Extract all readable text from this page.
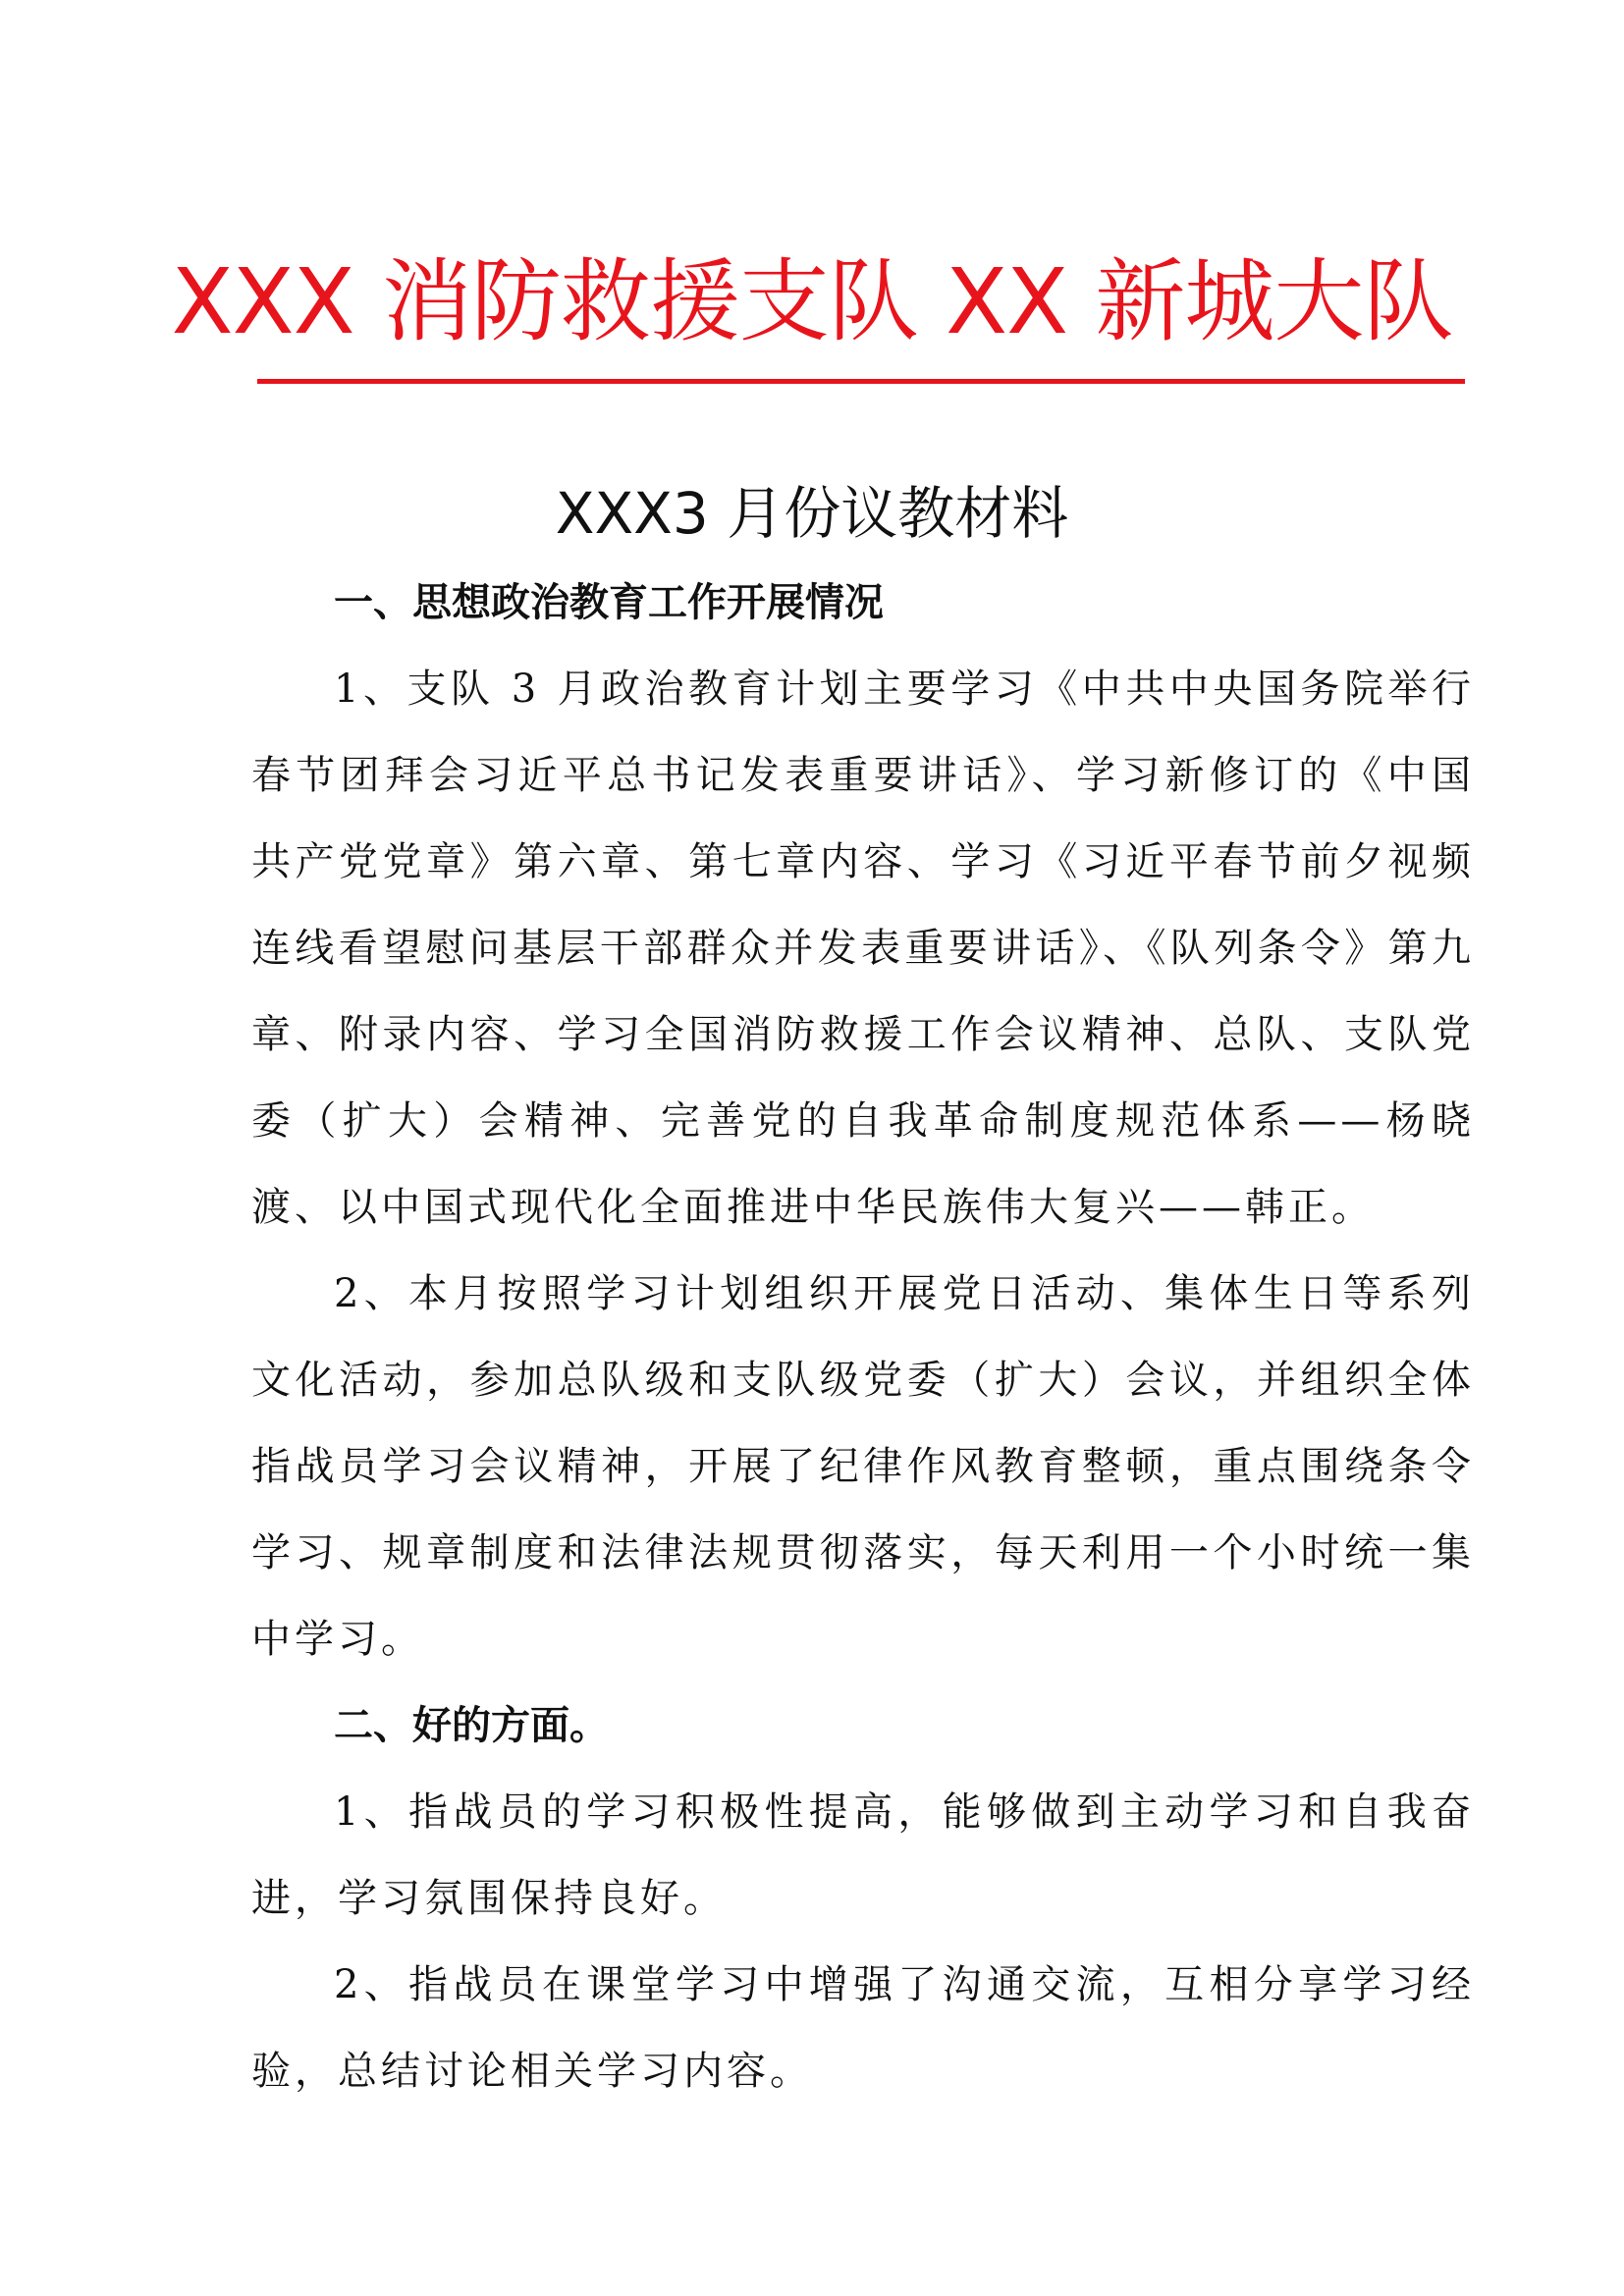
XXX 消防救援支队 XX 新城大队
XXX3 月份议教材料

一、思想政治教育工作开展情况

1、支队 3 月政治教育计划主要学习《中共中央国务院举行春节团拜会习近平总书记发表重要讲话》、学习新修订的《中国共产党党章》第六章、第七章内容、学习《习近平春节前夕视频连线看望慰问基层干部群众并发表重要讲话》、《队列条令》第九章、附录内容、学习全国消防救援工作会议精神、总队、支队党委（扩大）会精神、完善党的自我革命制度规范体系——杨晓渡、以中国式现代化全面推进中华民族伟大复兴——韩正。

2、本月按照学习计划组织开展党日活动、集体生日等系列文化活动，参加总队级和支队级党委（扩大）会议，并组织全体指战员学习会议精神，开展了纪律作风教育整顿，重点围绕条令学习、规章制度和法律法规贯彻落实，每天利用一个小时统一集中学习。

二、好的方面。

1、指战员的学习积极性提高，能够做到主动学习和自我奋进，学习氛围保持良好。

2、指战员在课堂学习中增强了沟通交流，互相分享学习经验，总结讨论相关学习内容。
